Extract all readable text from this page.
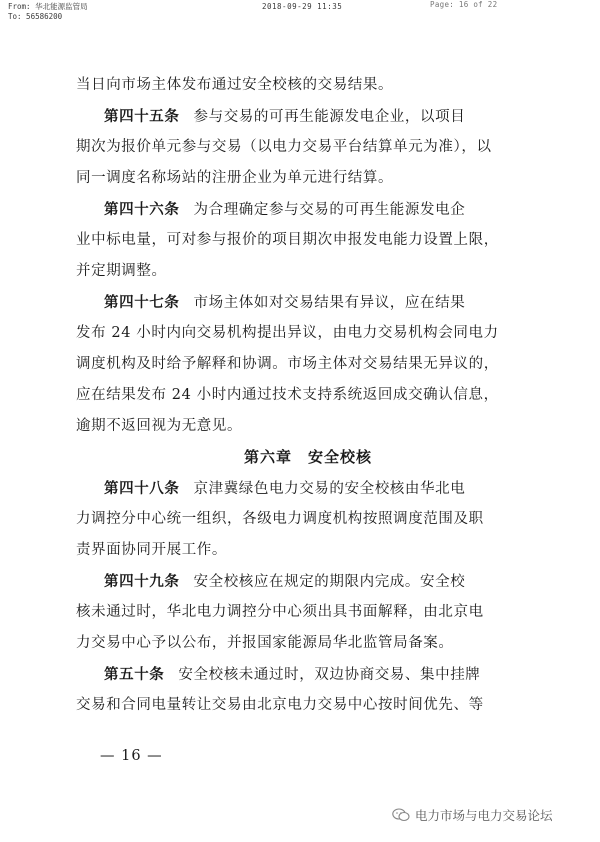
From: 华北能源监管局
To: 56586200
2018-09-29 11:35	Page: 16 of 22
当日向市场主体发布通过安全校核的交易结果。
第四十五条 参与交易的可再生能源发电企业，以项目
期次为报价单元参与交易（以电力交易平台结算单元为准），以
同一调度名称场站的注册企业为单元进行结算。
第四十六条 为合理确定参与交易的可再生能源发电企
业中标电量，可对参与报价的项目期次申报发电能力设置上限，
并定期调整。
第四十七条 市场主体如对交易结果有异议，应在结果
发布 24 小时内向交易机构提出异议，由电力交易机构会同电力
调度机构及时给予解释和协调。市场主体对交易结果无异议的，
应在结果发布 24 小时内通过技术支持系统返回成交确认信息，
逾期不返回视为无意见。
第六章　安全校核
第四十八条 京津冀绿色电力交易的安全校核由华北电
力调控分中心统一组织，各级电力调度机构按照调度范围及职
责界面协同开展工作。
第四十九条 安全校核应在规定的期限内完成。安全校
核未通过时，华北电力调控分中心须出具书面解释，由北京电
力交易中心予以公布，并报国家能源局华北监管局备案。
第五十条 安全校核未通过时，双边协商交易、集中挂牌
交易和合同电量转让交易由北京电力交易中心按时间优先、等
— 16 —
电力市场与电力交易论坛
